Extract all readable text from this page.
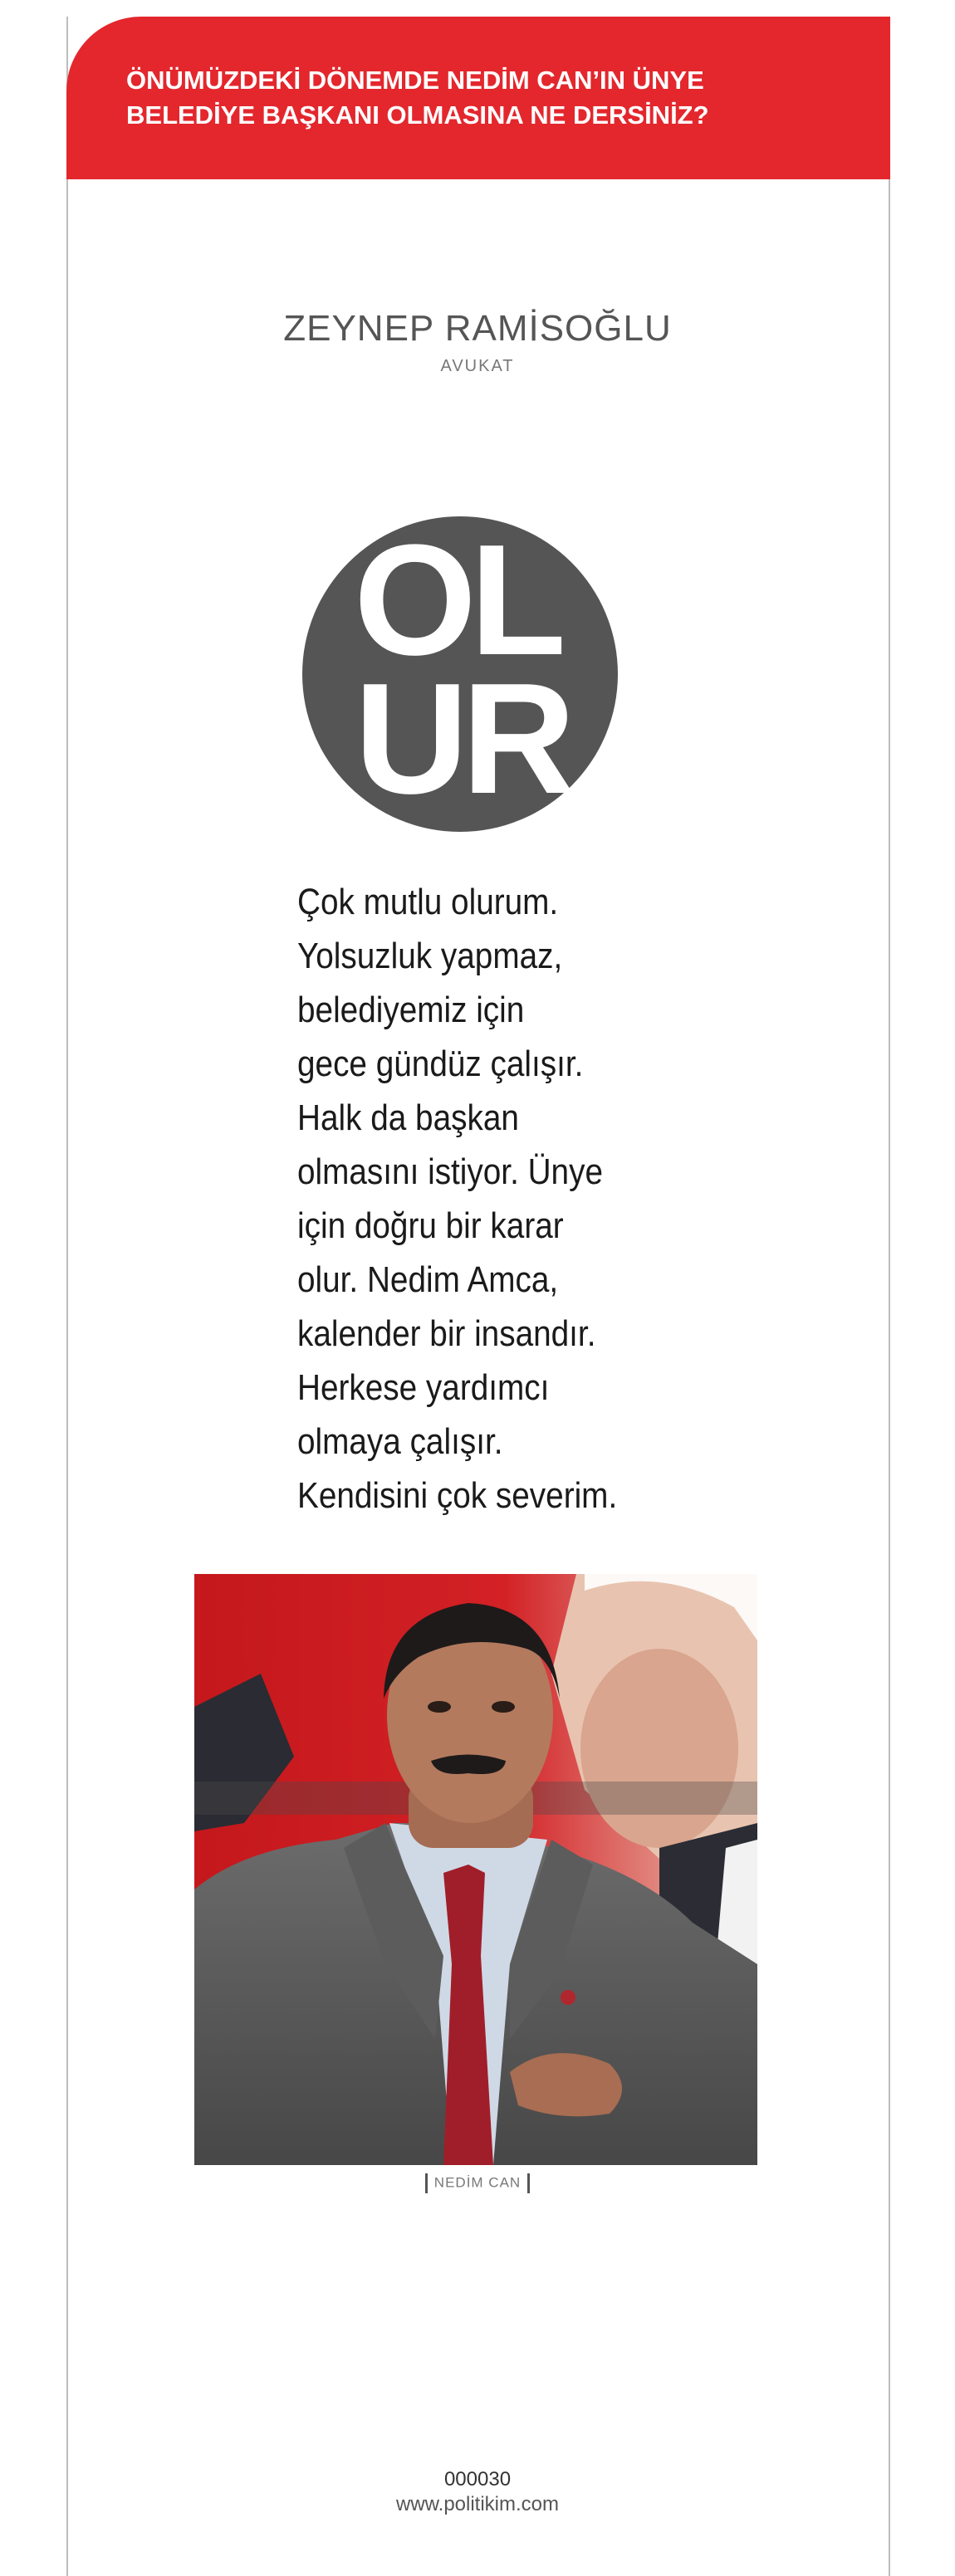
ÖNÜMÜZDEKİ DÖNEMDE NEDİM CAN’IN ÜNYE
BELEDİYE BAŞKANI OLMASINA NE DERSİNİZ?
ZEYNEP RAMİSOĞLU
AVUKAT
OL
UR

Çok mutlu olurum.
Yolsuzluk yapmaz,
belediyemiz için
gece gündüz çalışır.
Halk da başkan
olmasını istiyor. Ünye
için doğru bir karar
olur. Nedim Amca,
kalender bir insandır.
Herkese yardımcı
olmaya çalışır.
Kendisini çok severim.

NEDİM CAN
000030
www.politikim.com
